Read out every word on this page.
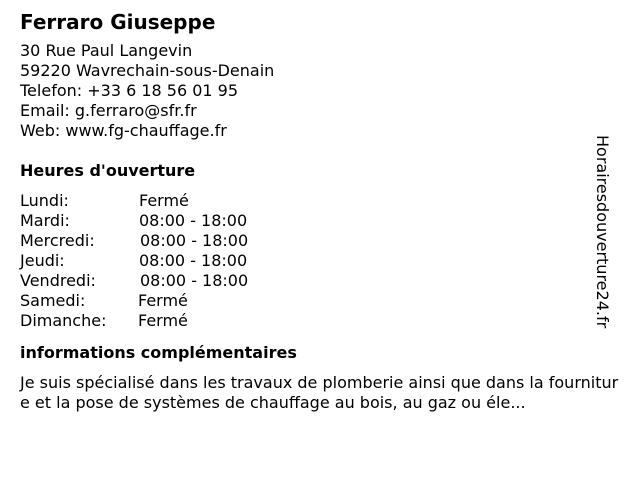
Ferraro Giuseppe
30 Rue Paul Langevin
59220 Wavrechain-sous-Denain
Telefon: +33 6 18 56 01 95
Email: g.ferraro@sfr.fr
Web: www.fg-chauffage.fr
Heures d'ouverture
Lundi:	Fermé
Mardi:	08:00 - 18:00
Mercredi:	08:00 - 18:00
Jeudi:	08:00 - 18:00
Vendredi:	08:00 - 18:00
Samedi:	Fermé
Dimanche: Fermé
informations complémentaires
Je suis spécialisé dans les travaux de plomberie ainsi que dans la fourniture et la pose de systèmes de chauffage au bois, au gaz ou éle...
Horairesdouverture24.fr
